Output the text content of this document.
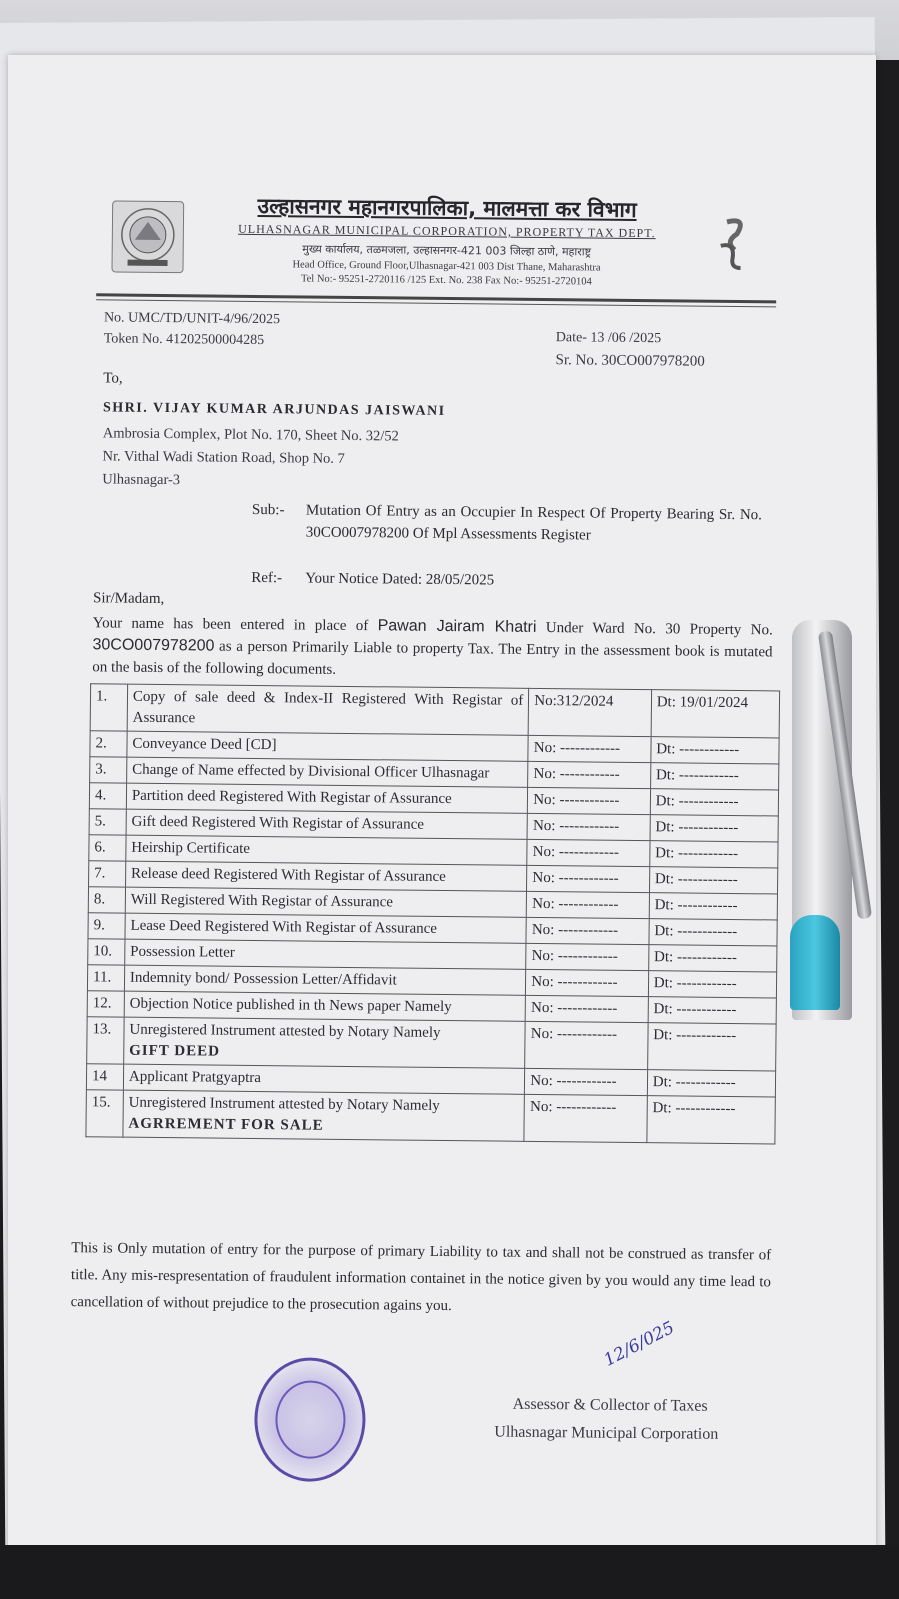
उल्हासनगर महानगरपालिका, मालमत्ता कर विभाग
ULHASNAGAR MUNICIPAL CORPORATION, PROPERTY TAX DEPT.
मुख्य कार्यालय, तळमजला, उल्हासनगर-421 003 जिल्हा ठाणे, महाराष्ट्र
Head Office, Ground Floor,Ulhasnagar-421 003 Dist Thane, Maharashtra
Tel No:- 95251-2720116 /125 Ext. No. 238 Fax No:- 95251-2720104
No. UMC/TD/UNIT-4/96/2025
Token No. 41202500004285	Date- 13 /06 /2025
Sr. No. 30CO007978200
To,
SHRI. VIJAY KUMAR ARJUNDAS JAISWANI
Ambrosia Complex, Plot No. 170, Sheet No. 32/52
Nr. Vithal Wadi Station Road, Shop No. 7
Ulhasnagar-3
Sub:- Mutation Of Entry as an Occupier In Respect Of Property Bearing Sr. No. 30CO007978200 Of Mpl Assessments Register
Ref:- Your Notice Dated: 28/05/2025
Sir/Madam,
Your name has been entered in place of Pawan Jairam Khatri Under Ward No. 30 Property No. 30CO007978200 as a person Primarily Liable to property Tax. The Entry in the assessment book is mutated on the basis of the following documents.
1.	Copy of sale deed & Index-II Registered With Registar of Assurance	No:312/2024	Dt: 19/01/2024
2.	Conveyance Deed [CD]	No: ------------	Dt: ------------
3.	Change of Name effected by Divisional Officer Ulhasnagar	No: ------------	Dt: ------------
4.	Partition deed Registered With Registar of Assurance	No: ------------	Dt: ------------
5.	Gift deed Registered With Registar of Assurance	No: ------------	Dt: ------------
6.	Heirship Certificate	No: ------------	Dt: ------------
7.	Release deed Registered With Registar of Assurance	No: ------------	Dt: ------------
8.	Will Registered With Registar of Assurance	No: ------------	Dt: ------------
9.	Lease Deed Registered With Registar of Assurance	No: ------------	Dt: ------------
10.	Possession Letter	No: ------------	Dt: ------------
11.	Indemnity bond/ Possession Letter/Affidavit	No: ------------	Dt: ------------
12.	Objection Notice published in th News paper Namely	No: ------------	Dt: ------------
13.	Unregistered Instrument attested by Notary Namely
GIFT DEED	No: ------------	Dt: ------------
14	Applicant Pratgyaptra	No: ------------	Dt: ------------
15.	Unregistered Instrument attested by Notary Namely
AGRREMENT FOR SALE	No: ------------	Dt: ------------
This is Only mutation of entry for the purpose of primary Liability to tax and shall not be construed as transfer of title. Any mis-respresentation of fraudulent information containet in the notice given by you would any time lead to cancellation of without prejudice to the prosecution agains you.
12/6/025
Assessor & Collector of Taxes
Ulhasnagar Municipal Corporation
